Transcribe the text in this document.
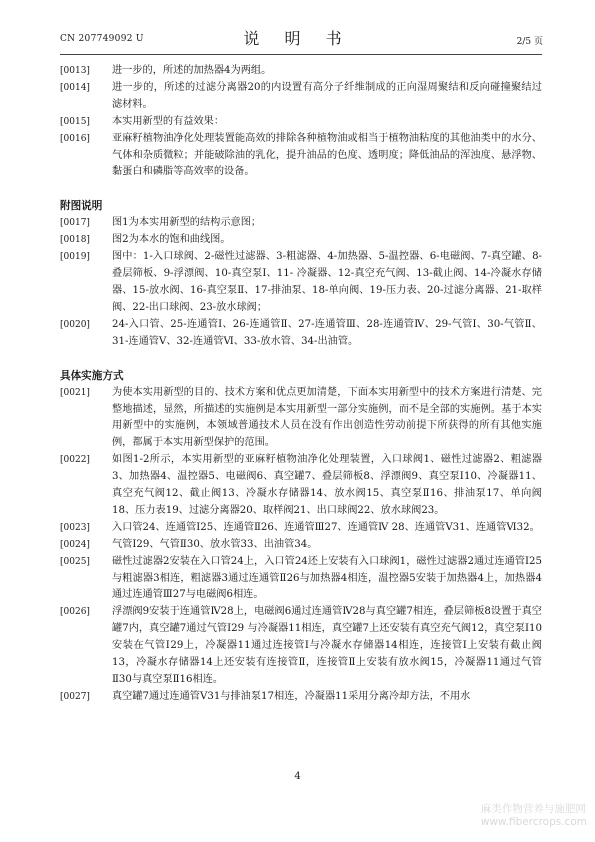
CN 207749092 U	说 明 书	2/5 页
[0013]	进一步的，所述的加热器4为两组。
[0014]	进一步的，所述的过滤分离器20的内设置有高分子纤维制成的正向湿周聚结和反向碰撞聚结过滤材料。
[0015]	本实用新型的有益效果：
[0016]	亚麻籽植物油净化处理装置能高效的排除各种植物油或相当于植物油粘度的其他油类中的水分、气体和杂质微粒；并能破除油的乳化，提升油品的色度、透明度；降低油品的浑浊度、悬浮物、黏蛋白和磷脂等高效率的设备。
附图说明
[0017]	图1为本实用新型的结构示意图；
[0018]	图2为本水的饱和曲线图。
[0019]	图中：1-入口球阀、2-磁性过滤器、3-粗滤器、4-加热器、5-温控器、6-电磁阀、7-真空罐、8-叠层筛板、9-浮漂阀、10-真空泵Ⅰ、11- 冷凝器、12-真空充气阀、13-截止阀、14-冷凝水存储器、15-放水阀、16-真空泵Ⅱ、17-排油泵、18-单向阀、19-压力表、20-过滤分离器、21-取样阀、22-出口球阀、23-放水球阀；
[0020]	24-入口管、25-连通管Ⅰ、26-连通管Ⅱ、27-连通管Ⅲ、28-连通管Ⅳ、29-气管Ⅰ、30-气管Ⅱ、31-连通管Ⅴ、32-连通管Ⅵ、33-放水管、34-出油管。
具体实施方式
[0021]	为使本实用新型的目的、技术方案和优点更加清楚，下面本实用新型中的技术方案进行清楚、完整地描述，显然，所描述的实施例是本实用新型一部分实施例，而不是全部的实施例。基于本实用新型中的实施例，本领域普通技术人员在没有作出创造性劳动前提下所获得的所有其他实施例，都属于本实用新型保护的范围。
[0022]	如图1-2所示，本实用新型的亚麻籽植物油净化处理装置，入口球阀1、磁性过滤器2、粗滤器3、加热器4、温控器5、电磁阀6、真空罐7、叠层筛板8、浮漂阀9、真空泵Ⅰ10、冷凝器11、真空充气阀12、截止阀13、冷凝水存储器14、放水阀15、真空泵Ⅱ16、排油泵17、单向阀18、压力表19、过滤分离器20、取样阀21、出口球阀22、放水球阀23。
[0023]	入口管24、连通管Ⅰ25、连通管Ⅱ26、连通管Ⅲ27、连通管Ⅳ 28、连通管Ⅴ31、连通管Ⅵ32。
[0024]	气管Ⅰ29、气管Ⅱ30、放水管33、出油管34。
[0025]	磁性过滤器2安装在入口管24上，入口管24还上安装有入口球阀1，磁性过滤器2通过连通管Ⅰ25与粗滤器3相连，粗滤器3通过连通管Ⅱ26与加热器4相连，温控器5安装于加热器4上，加热器4 通过连通管Ⅲ27与电磁阀6相连。
[0026]	浮漂阀9安装于连通管Ⅳ28上，电磁阀6通过连通管Ⅳ28与真空罐7相连，叠层筛板8设置于真空罐7内，真空罐7通过气管Ⅰ29 与冷凝器11相连，真空罐7上还安装有真空充气阀12，真空泵Ⅰ10 安装在气管Ⅰ29上，冷凝器11通过连接管Ⅰ与冷凝水存储器14相连，连接管Ⅰ上安装有截止阀13，冷凝水存储器14上还安装有连接管Ⅱ，连接管Ⅱ上安装有放水阀15，冷凝器11通过气管Ⅱ30与真空泵Ⅱ16相连。
[0027]	真空罐7通过连通管Ⅴ31与排油泵17相连，冷凝器11采用分离冷却方法，不用水
4
麻类作物营养与施肥网
www.fibercrops.com
